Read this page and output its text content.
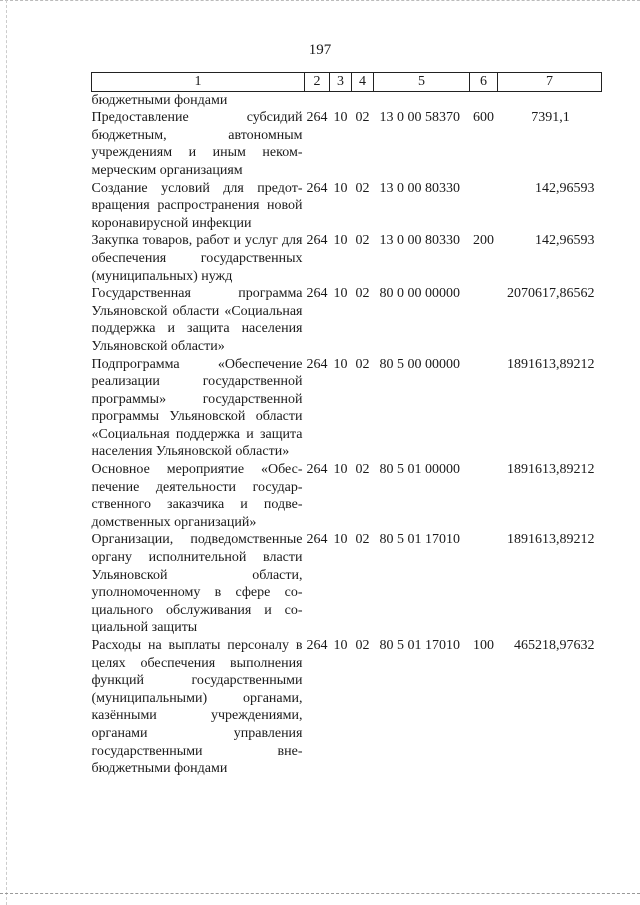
197
1	2	3	4	5	6	7
бюджетными фондами						
Предоставление субсидий бюджетным, автономным учреждениям и иным некоммерческим организациям	264	10	02	13 0 00 58370	600	7391,1
Создание условий для предотвращения распространения новой коронавирусной инфекции	264	10	02	13 0 00 80330		142,96593
Закупка товаров, работ и услуг для обеспечения государственных (муниципальных) нужд	264	10	02	13 0 00 80330	200	142,96593
Государственная программа Ульяновской области «Социальная поддержка и защита населения Ульяновской области»	264	10	02	80 0 00 00000		2070617,86562
Подпрограмма «Обеспечение реализации государственной программы» государственной программы Ульяновской области «Социальная поддержка и защита населения Ульяновской области»	264	10	02	80 5 00 00000		1891613,89212
Основное мероприятие «Обеспечение деятельности государственного заказчика и подведомственных организаций»	264	10	02	80 5 01 00000		1891613,89212
Организации, подведомственные органу исполнительной власти Ульяновской области, уполномоченному в сфере социального обслуживания и социальной защиты	264	10	02	80 5 01 17010		1891613,89212
Расходы на выплаты персоналу в целях обеспечения выполнения функций государственными (муниципальными) органами, казёнными учреждениями, органами управления государственными внебюджетными фондами	264	10	02	80 5 01 17010	100	465218,97632
